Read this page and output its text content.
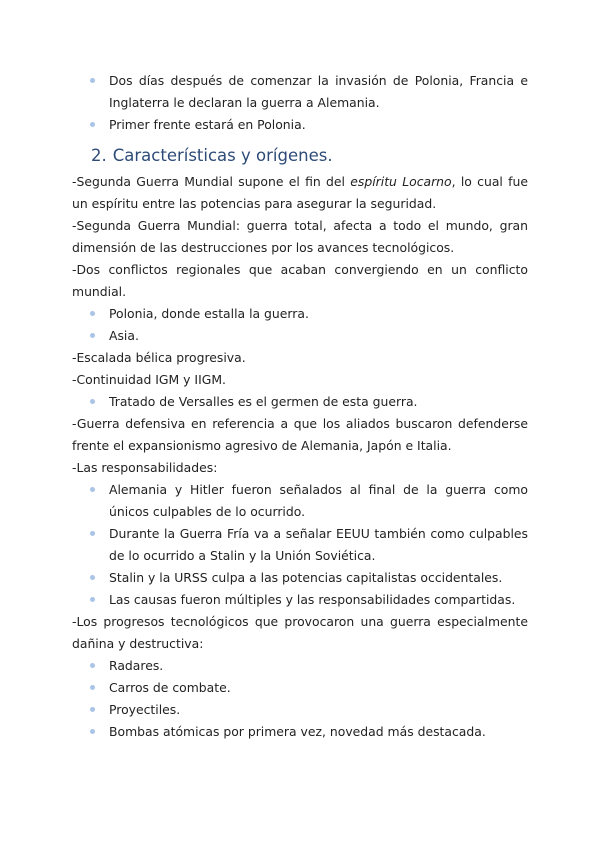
Dos días después de comenzar la invasión de Polonia, Francia e Inglaterra le declaran la guerra a Alemania.
Primer frente estará en Polonia.
2. Características y orígenes.
-Segunda Guerra Mundial supone el fin del espíritu Locarno, lo cual fue un espíritu entre las potencias para asegurar la seguridad.
-Segunda Guerra Mundial: guerra total, afecta a todo el mundo, gran dimensión de las destrucciones por los avances tecnológicos.
-Dos conflictos regionales que acaban convergiendo en un conflicto mundial.
Polonia, donde estalla la guerra.
Asia.
-Escalada bélica progresiva.
-Continuidad IGM y IIGM.
Tratado de Versalles es el germen de esta guerra.
-Guerra defensiva en referencia a que los aliados buscaron defenderse frente el expansionismo agresivo de Alemania, Japón e Italia.
-Las responsabilidades:
Alemania y Hitler fueron señalados al final de la guerra como únicos culpables de lo ocurrido.
Durante la Guerra Fría va a señalar EEUU también como culpables de lo ocurrido a Stalin y la Unión Soviética.
Stalin y la URSS culpa a las potencias capitalistas occidentales.
Las causas fueron múltiples y las responsabilidades compartidas.
-Los progresos tecnológicos que provocaron una guerra especialmente dañina y destructiva:
Radares.
Carros de combate.
Proyectiles.
Bombas atómicas por primera vez, novedad más destacada.
